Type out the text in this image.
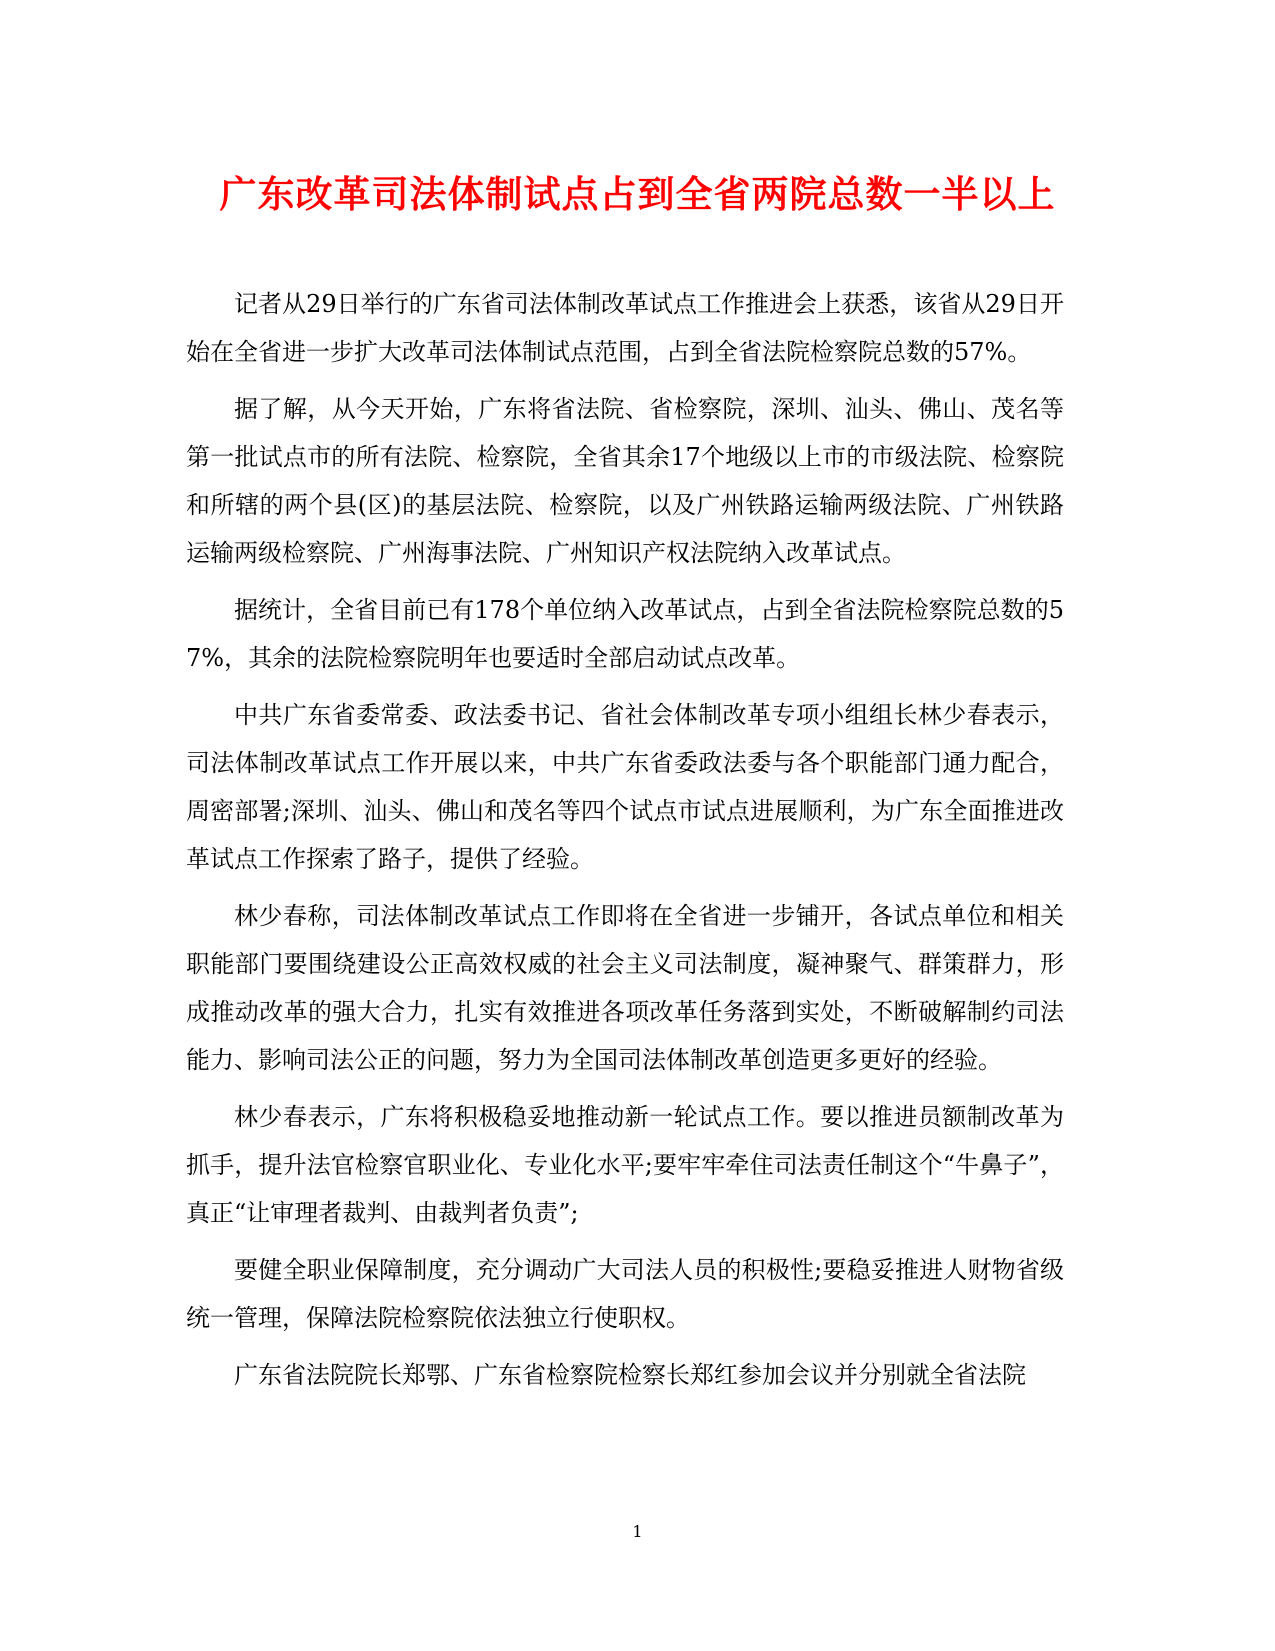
广东改革司法体制试点占到全省两院总数一半以上

记者从29日举行的广东省司法体制改革试点工作推进会上获悉，该省从29日开始在全省进一步扩大改革司法体制试点范围，占到全省法院检察院总数的57%。

据了解，从今天开始，广东将省法院、省检察院，深圳、汕头、佛山、茂名等第一批试点市的所有法院、检察院，全省其余17个地级以上市的市级法院、检察院和所辖的两个县(区)的基层法院、检察院，以及广州铁路运输两级法院、广州铁路运输两级检察院、广州海事法院、广州知识产权法院纳入改革试点。

据统计，全省目前已有178个单位纳入改革试点，占到全省法院检察院总数的57%，其余的法院检察院明年也要适时全部启动试点改革。

中共广东省委常委、政法委书记、省社会体制改革专项小组组长林少春表示，司法体制改革试点工作开展以来，中共广东省委政法委与各个职能部门通力配合，周密部署;深圳、汕头、佛山和茂名等四个试点市试点进展顺利，为广东全面推进改革试点工作探索了路子，提供了经验。

林少春称，司法体制改革试点工作即将在全省进一步铺开，各试点单位和相关职能部门要围绕建设公正高效权威的社会主义司法制度，凝神聚气、群策群力，形成推动改革的强大合力，扎实有效推进各项改革任务落到实处，不断破解制约司法能力、影响司法公正的问题，努力为全国司法体制改革创造更多更好的经验。

林少春表示，广东将积极稳妥地推动新一轮试点工作。要以推进员额制改革为抓手，提升法官检察官职业化、专业化水平;要牢牢牵住司法责任制这个“牛鼻子”，真正“让审理者裁判、由裁判者负责”;

要健全职业保障制度，充分调动广大司法人员的积极性;要稳妥推进人财物省级统一管理，保障法院检察院依法独立行使职权。

广东省法院院长郑鄂、广东省检察院检察长郑红参加会议并分别就全省法院

1
